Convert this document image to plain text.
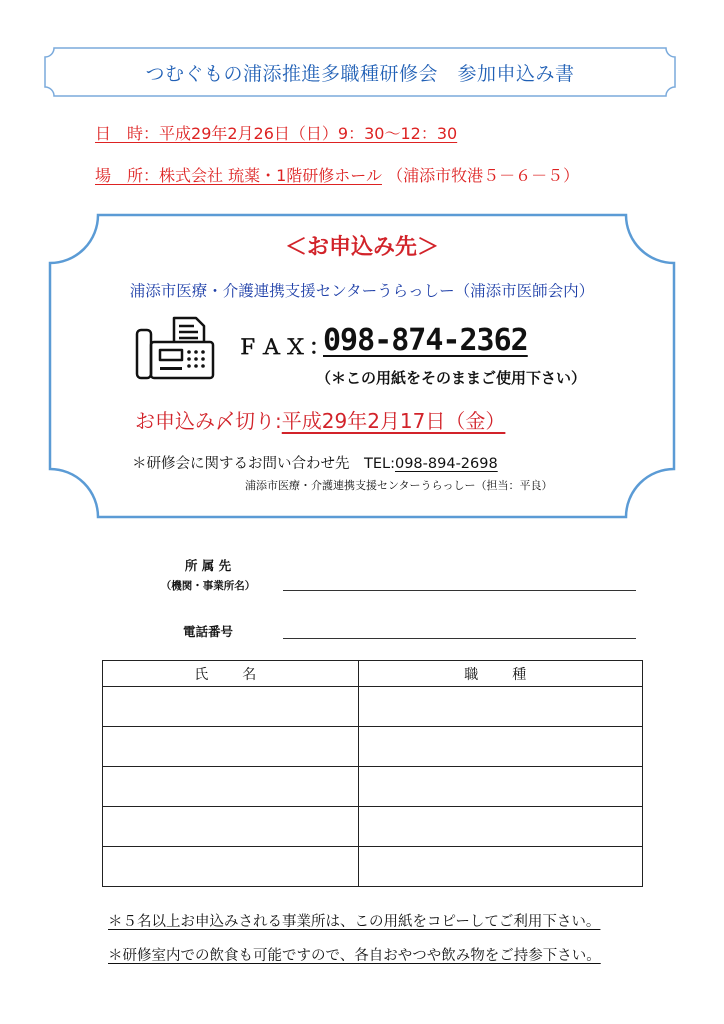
つむぐもの浦添推進多職種研修会　参加申込み書
日　時：平成29年2月26日（日）9：30～12：30
場　所：株式会社 琉薬・1階研修ホール （浦添市牧港５－６－５）
＜お申込み先＞
浦添市医療・介護連携支援センターうらっしー（浦添市医師会内）
ＦＡＸ：
098-874-2362
（＊この用紙をそのままご使用下さい）
お申込み〆切り:平成29年2月17日（金）
＊研修会に関するお問い合わせ先　TEL:098-894-2698
浦添市医療・介護連携支援センターうらっしー（担当：平良）
所 属 先
（機関・事業所名）
電話番号
氏　名	職　種

＊５名以上お申込みされる事業所は、この用紙をコピーしてご利用下さい。
＊研修室内での飲食も可能ですので、各自おやつや飲み物をご持参下さい。
